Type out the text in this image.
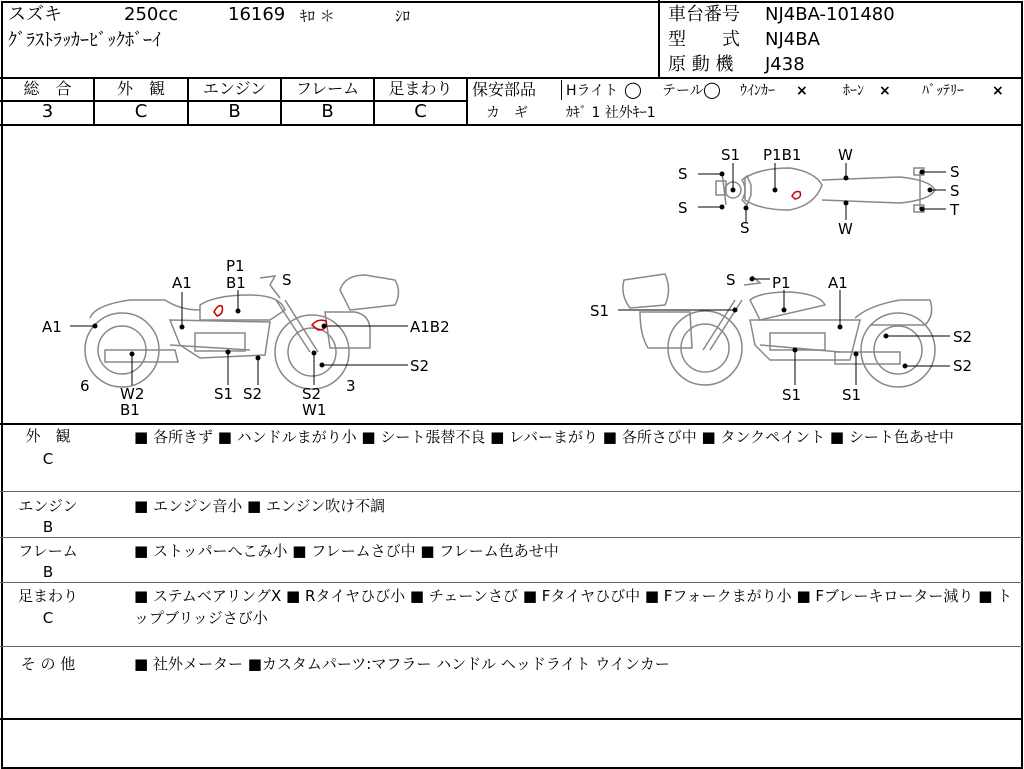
スズキ	250cc	16169 ｷﾛ ＊	ｼﾛ
ｸﾞﾗｽﾄﾗｯｶｰﾋﾞｯｸﾎﾞｰｲ
車台番号 NJ4BA-101480
型　　式 NJ4BA
原 動 機 J438
総　合	外　観	エンジン	フレーム	足まわり
3	C	B	B	C
保安部品 Hライト ◯ テール ◯ ｳｲﾝｶｰ ×	ﾎｰﾝ × ﾊﾞｯﾃﾘｰ ×
カ　ギ	ｶｷﾞ 1 社外ｷｰ1
S1 P1B1 W
S
S
S
S
S
T
W
P1
B1 S
A1
A1	A1B2
S2
6 W2
B1
S1 S2	S2
W1
3
S P1 A1
S1
S2
S2
S1	S1
外　観
C
■ 各所きず ■ ハンドルまがり小 ■ シート張替不良 ■ レバーまがり ■ 各所さび中 ■ タンクペイント ■ シート色あせ中
エンジン
B
■ エンジン音小 ■ エンジン吹け不調
フレーム
B
■ ストッパーへこみ小 ■ フレームさび中 ■ フレーム色あせ中
足まわり
C
■ ステムベアリングX ■ Rタイヤひび小 ■ チェーンさび ■ Fタイヤひび中 ■ Fフォークまがり小 ■ Fブレーキローター減り ■ トップブリッジさび小
そ の 他	■ 社外メーター ■カスタムパーツ:マフラー ハンドル ヘッドライト ウインカー
